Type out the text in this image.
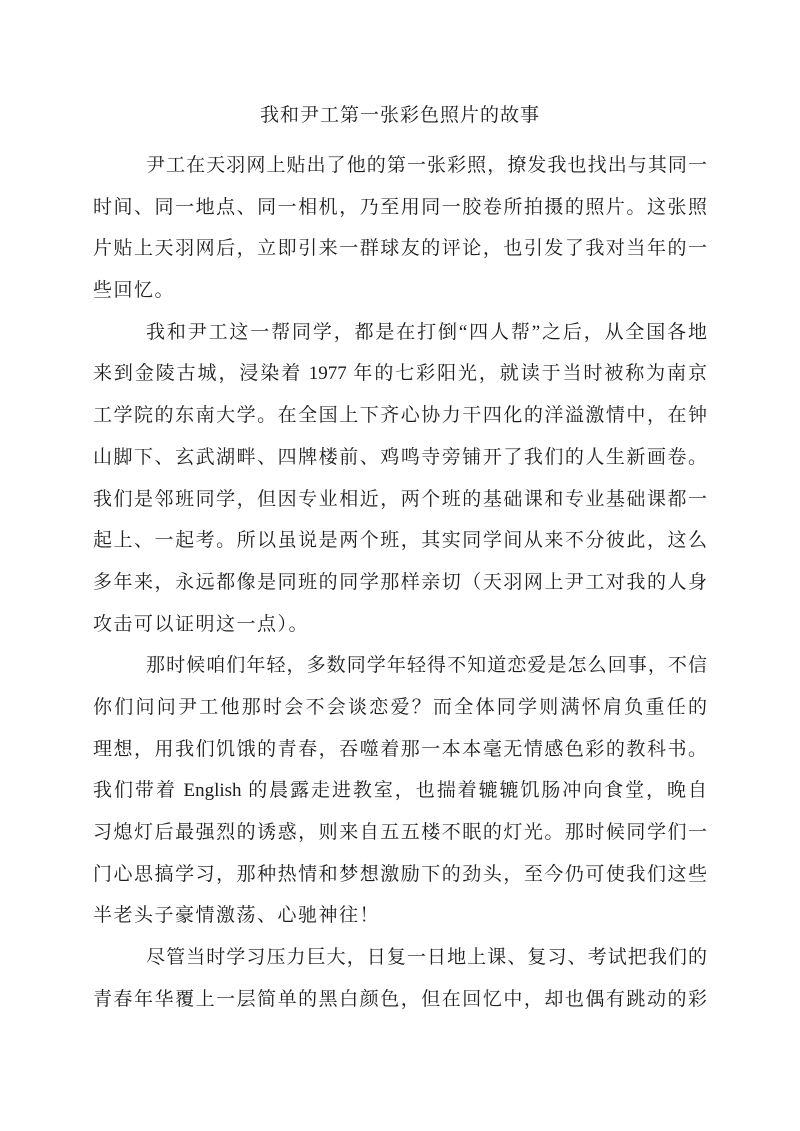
我和尹工第一张彩色照片的故事
尹工在天羽网上贴出了他的第一张彩照，撩发我也找出与其同一
时间、同一地点、同一相机，乃至用同一胶卷所拍摄的照片。这张照
片贴上天羽网后，立即引来一群球友的评论，也引发了我对当年的一
些回忆。
我和尹工这一帮同学，都是在打倒“四人帮”之后，从全国各地
来到金陵古城，浸染着 1977 年的七彩阳光，就读于当时被称为南京
工学院的东南大学。在全国上下齐心协力干四化的洋溢激情中，在钟
山脚下、玄武湖畔、四牌楼前、鸡鸣寺旁铺开了我们的人生新画卷。
我们是邻班同学，但因专业相近，两个班的基础课和专业基础课都一
起上、一起考。所以虽说是两个班，其实同学间从来不分彼此，这么
多年来，永远都像是同班的同学那样亲切（天羽网上尹工对我的人身
攻击可以证明这一点）。
那时候咱们年轻，多数同学年轻得不知道恋爱是怎么回事，不信
你们问问尹工他那时会不会谈恋爱？而全体同学则满怀肩负重任的
理想，用我们饥饿的青春，吞噬着那一本本毫无情感色彩的教科书。
我们带着 English 的晨露走进教室，也揣着辘辘饥肠冲向食堂，晚自
习熄灯后最强烈的诱惑，则来自五五楼不眠的灯光。那时候同学们一
门心思搞学习，那种热情和梦想激励下的劲头，至今仍可使我们这些
半老头子豪情激荡、心驰神往！
尽管当时学习压力巨大，日复一日地上课、复习、考试把我们的
青春年华覆上一层简单的黑白颜色，但在回忆中，却也偶有跳动的彩
